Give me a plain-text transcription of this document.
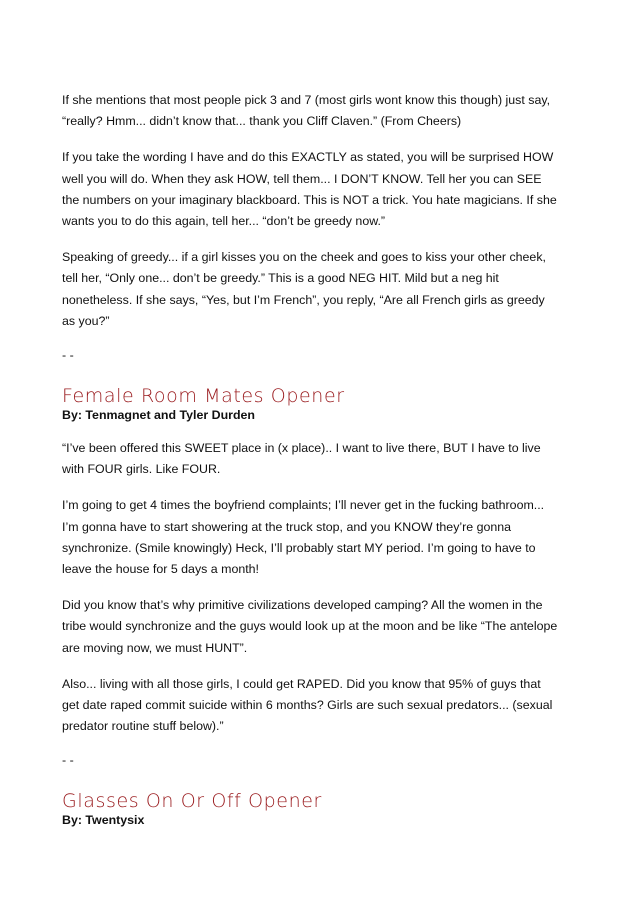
If she mentions that most people pick 3 and 7 (most girls wont know this though) just say,
“really? Hmm... didn’t know that... thank you Cliff Claven.” (From Cheers)

If you take the wording I have and do this EXACTLY as stated, you will be surprised HOW
well you will do. When they ask HOW, tell them... I DON’T KNOW. Tell her you can SEE
the numbers on your imaginary blackboard. This is NOT a trick. You hate magicians. If she
wants you to do this again, tell her... “don’t be greedy now.”

Speaking of greedy... if a girl kisses you on the cheek and goes to kiss your other cheek,
tell her, “Only one... don’t be greedy.” This is a good NEG HIT. Mild but a neg hit
nonetheless. If she says, “Yes, but I’m French”, you reply, “Are all French girls as greedy
as you?”

- -

Female Room Mates Opener

By: Tenmagnet and Tyler Durden

“I’ve been offered this SWEET place in (x place).. I want to live there, BUT I have to live
with FOUR girls. Like FOUR.

I’m going to get 4 times the boyfriend complaints; I’ll never get in the fucking bathroom...
I’m gonna have to start showering at the truck stop, and you KNOW they’re gonna
synchronize. (Smile knowingly) Heck, I’ll probably start MY period. I’m going to have to
leave the house for 5 days a month!

Did you know that’s why primitive civilizations developed camping? All the women in the
tribe would synchronize and the guys would look up at the moon and be like “The antelope
are moving now, we must HUNT”.

Also... living with all those girls, I could get RAPED. Did you know that 95% of guys that
get date raped commit suicide within 6 months? Girls are such sexual predators... (sexual
predator routine stuff below).”

- -

Glasses On Or Off Opener

By: Twentysix
